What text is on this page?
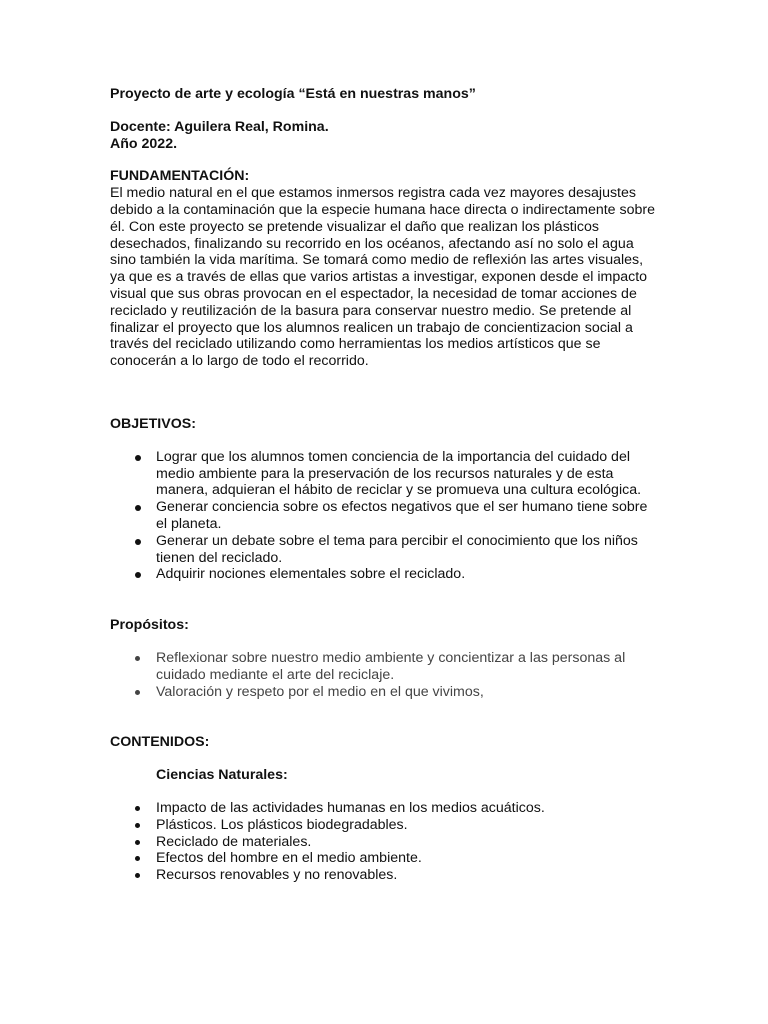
Proyecto de arte y ecología “Está en nuestras manos”

Docente: Aguilera Real, Romina.

Año 2022.

FUNDAMENTACIÓN:

El medio natural en el que estamos inmersos registra cada vez mayores desajustes debido a la contaminación que la especie humana hace directa o indirectamente sobre él. Con este proyecto se pretende visualizar el daño que realizan los plásticos desechados, finalizando su recorrido en los océanos, afectando así no solo el agua sino también la vida marítima. Se tomará como medio de reflexión las artes visuales, ya que es a través de ellas que varios artistas a investigar, exponen desde el impacto visual que sus obras provocan en el espectador, la necesidad de tomar acciones de reciclado y reutilización de la basura para conservar nuestro medio. Se pretende al finalizar el proyecto que los alumnos realicen un trabajo de concientizacion social a través del reciclado utilizando como herramientas los medios artísticos que se conocerán a lo largo de todo el recorrido.

OBJETIVOS:

Lograr que los alumnos tomen conciencia de la importancia del cuidado del medio ambiente para la preservación de los recursos naturales y de esta manera, adquieran el hábito de reciclar y se promueva una cultura ecológica.
Generar conciencia sobre os efectos negativos que el ser humano tiene sobre el planeta.
Generar un debate sobre el tema para percibir el conocimiento que los niños tienen del reciclado.
Adquirir nociones elementales sobre el reciclado.

Propósitos:

Reflexionar sobre nuestro medio ambiente y concientizar a las personas al cuidado mediante el arte del reciclaje.
Valoración y respeto por el medio en el que vivimos,

CONTENIDOS:

Ciencias Naturales:

Impacto de las actividades humanas en los medios acuáticos.
Plásticos. Los plásticos biodegradables.
Reciclado de materiales.
Efectos del hombre en el medio ambiente.
Recursos renovables y no renovables.
